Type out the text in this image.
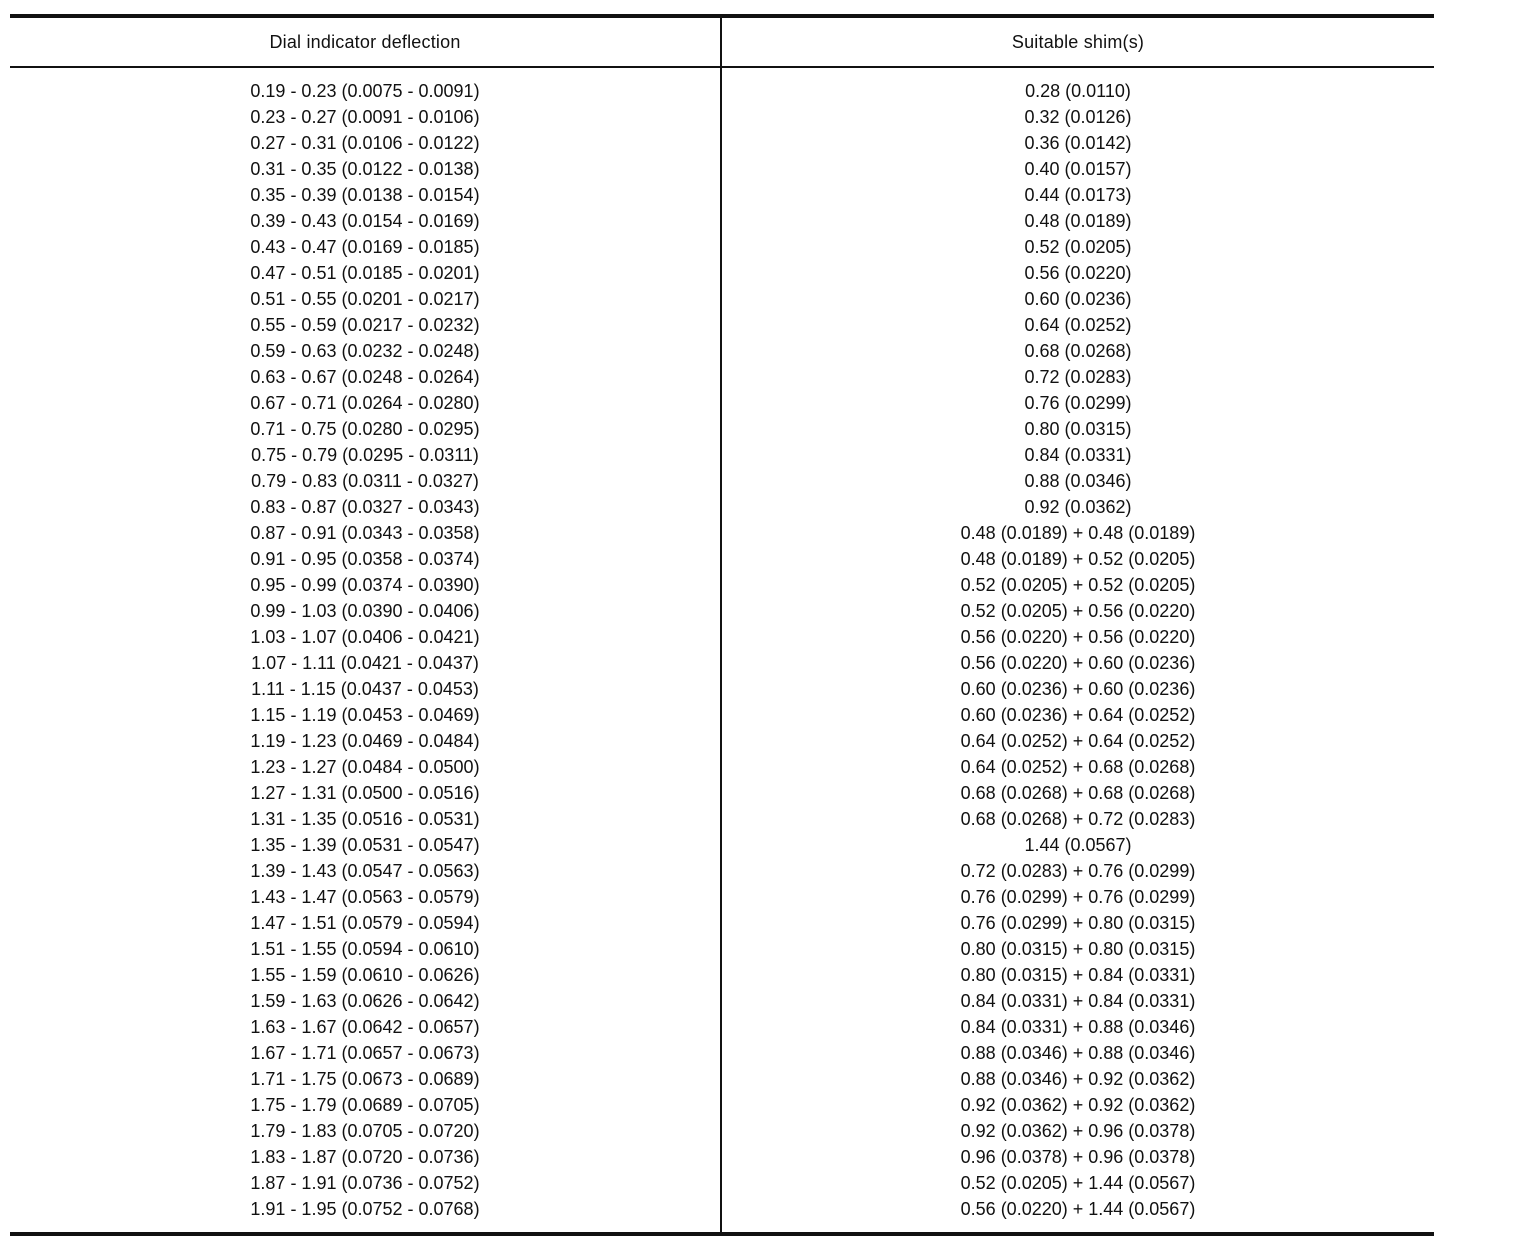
Dial indicator deflection	Suitable shim(s)
0.19 - 0.23 (0.0075 - 0.0091)
0.23 - 0.27 (0.0091 - 0.0106)
0.27 - 0.31 (0.0106 - 0.0122)
0.31 - 0.35 (0.0122 - 0.0138)
0.35 - 0.39 (0.0138 - 0.0154)
0.39 - 0.43 (0.0154 - 0.0169)
0.43 - 0.47 (0.0169 - 0.0185)
0.47 - 0.51 (0.0185 - 0.0201)
0.51 - 0.55 (0.0201 - 0.0217)
0.55 - 0.59 (0.0217 - 0.0232)
0.59 - 0.63 (0.0232 - 0.0248)
0.63 - 0.67 (0.0248 - 0.0264)
0.67 - 0.71 (0.0264 - 0.0280)
0.71 - 0.75 (0.0280 - 0.0295)
0.75 - 0.79 (0.0295 - 0.0311)
0.79 - 0.83 (0.0311 - 0.0327)
0.83 - 0.87 (0.0327 - 0.0343)
0.87 - 0.91 (0.0343 - 0.0358)
0.91 - 0.95 (0.0358 - 0.0374)
0.95 - 0.99 (0.0374 - 0.0390)
0.99 - 1.03 (0.0390 - 0.0406)
1.03 - 1.07 (0.0406 - 0.0421)
1.07 - 1.11 (0.0421 - 0.0437)
1.11 - 1.15 (0.0437 - 0.0453)
1.15 - 1.19 (0.0453 - 0.0469)
1.19 - 1.23 (0.0469 - 0.0484)
1.23 - 1.27 (0.0484 - 0.0500)
1.27 - 1.31 (0.0500 - 0.0516)
1.31 - 1.35 (0.0516 - 0.0531)
1.35 - 1.39 (0.0531 - 0.0547)
1.39 - 1.43 (0.0547 - 0.0563)
1.43 - 1.47 (0.0563 - 0.0579)
1.47 - 1.51 (0.0579 - 0.0594)
1.51 - 1.55 (0.0594 - 0.0610)
1.55 - 1.59 (0.0610 - 0.0626)
1.59 - 1.63 (0.0626 - 0.0642)
1.63 - 1.67 (0.0642 - 0.0657)
1.67 - 1.71 (0.0657 - 0.0673)
1.71 - 1.75 (0.0673 - 0.0689)
1.75 - 1.79 (0.0689 - 0.0705)
1.79 - 1.83 (0.0705 - 0.0720)
1.83 - 1.87 (0.0720 - 0.0736)
1.87 - 1.91 (0.0736 - 0.0752)
1.91 - 1.95 (0.0752 - 0.0768)
0.28 (0.0110)
0.32 (0.0126)
0.36 (0.0142)
0.40 (0.0157)
0.44 (0.0173)
0.48 (0.0189)
0.52 (0.0205)
0.56 (0.0220)
0.60 (0.0236)
0.64 (0.0252)
0.68 (0.0268)
0.72 (0.0283)
0.76 (0.0299)
0.80 (0.0315)
0.84 (0.0331)
0.88 (0.0346)
0.92 (0.0362)
0.48 (0.0189) + 0.48 (0.0189)
0.48 (0.0189) + 0.52 (0.0205)
0.52 (0.0205) + 0.52 (0.0205)
0.52 (0.0205) + 0.56 (0.0220)
0.56 (0.0220) + 0.56 (0.0220)
0.56 (0.0220) + 0.60 (0.0236)
0.60 (0.0236) + 0.60 (0.0236)
0.60 (0.0236) + 0.64 (0.0252)
0.64 (0.0252) + 0.64 (0.0252)
0.64 (0.0252) + 0.68 (0.0268)
0.68 (0.0268) + 0.68 (0.0268)
0.68 (0.0268) + 0.72 (0.0283)
1.44 (0.0567)
0.72 (0.0283) + 0.76 (0.0299)
0.76 (0.0299) + 0.76 (0.0299)
0.76 (0.0299) + 0.80 (0.0315)
0.80 (0.0315) + 0.80 (0.0315)
0.80 (0.0315) + 0.84 (0.0331)
0.84 (0.0331) + 0.84 (0.0331)
0.84 (0.0331) + 0.88 (0.0346)
0.88 (0.0346) + 0.88 (0.0346)
0.88 (0.0346) + 0.92 (0.0362)
0.92 (0.0362) + 0.92 (0.0362)
0.92 (0.0362) + 0.96 (0.0378)
0.96 (0.0378) + 0.96 (0.0378)
0.52 (0.0205) + 1.44 (0.0567)
0.56 (0.0220) + 1.44 (0.0567)
